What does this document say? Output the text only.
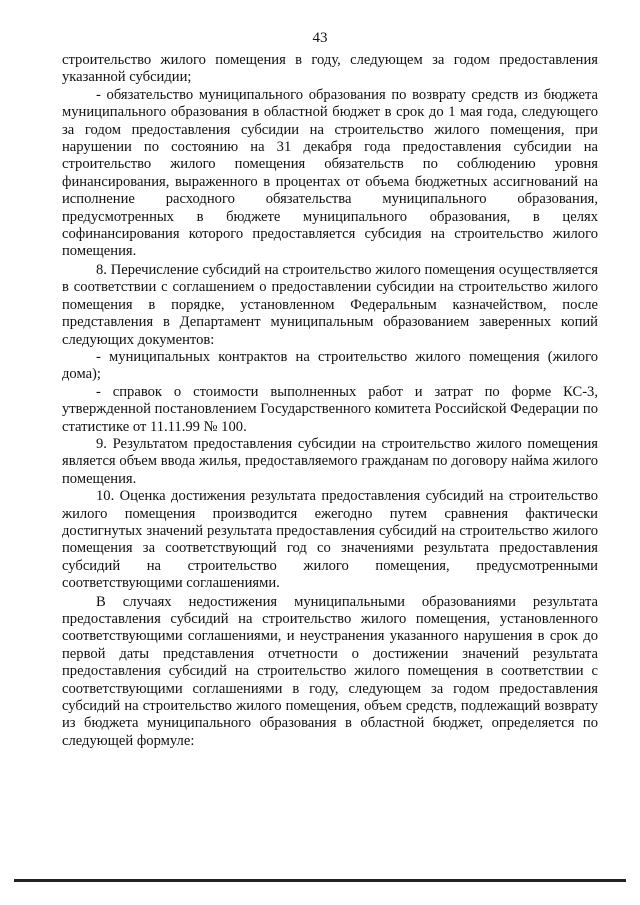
43

строительство жилого помещения в году, следующем за годом предоставления указанной субсидии;

- обязательство муниципального образования по возврату средств из бюджета муниципального образования в областной бюджет в срок до 1 мая года, следующего за годом предоставления субсидии на строительство жилого помещения, при нарушении по состоянию на 31 декабря года предоставления субсидии на строительство жилого помещения обязательств по соблюдению уровня финансирования, выраженного в процентах от объема бюджетных ассигнований на исполнение расходного обязательства муниципального образования, предусмотренных в бюджете муниципального образования, в целях софинансирования которого предоставляется субсидия на строительство жилого помещения.

8. Перечисление субсидий на строительство жилого помещения осуществляется в соответствии с соглашением о предоставлении субсидии на строительство жилого помещения в порядке, установленном Федеральным казначейством, после представления в Департамент муниципальным образованием заверенных копий следующих документов:

- муниципальных контрактов на строительство жилого помещения (жилого дома);

- справок о стоимости выполненных работ и затрат по форме КС-3, утвержденной постановлением Государственного комитета Российской Федерации по статистике от 11.11.99 № 100.

9. Результатом предоставления субсидии на строительство жилого помещения является объем ввода жилья, предоставляемого гражданам по договору найма жилого помещения.

10. Оценка достижения результата предоставления субсидий на строительство жилого помещения производится ежегодно путем сравнения фактически достигнутых значений результата предоставления субсидий на строительство жилого помещения за соответствующий год со значениями результата предоставления субсидий на строительство жилого помещения, предусмотренными соответствующими соглашениями.

В случаях недостижения муниципальными образованиями результата предоставления субсидий на строительство жилого помещения, установленного соответствующими соглашениями, и неустранения указанного нарушения в срок до первой даты представления отчетности о достижении значений результата предоставления субсидий на строительство жилого помещения в соответствии с соответствующими соглашениями в году, следующем за годом предоставления субсидий на строительство жилого помещения, объем средств, подлежащий возврату из бюджета муниципального образования в областной бюджет, определяется по следующей формуле:
